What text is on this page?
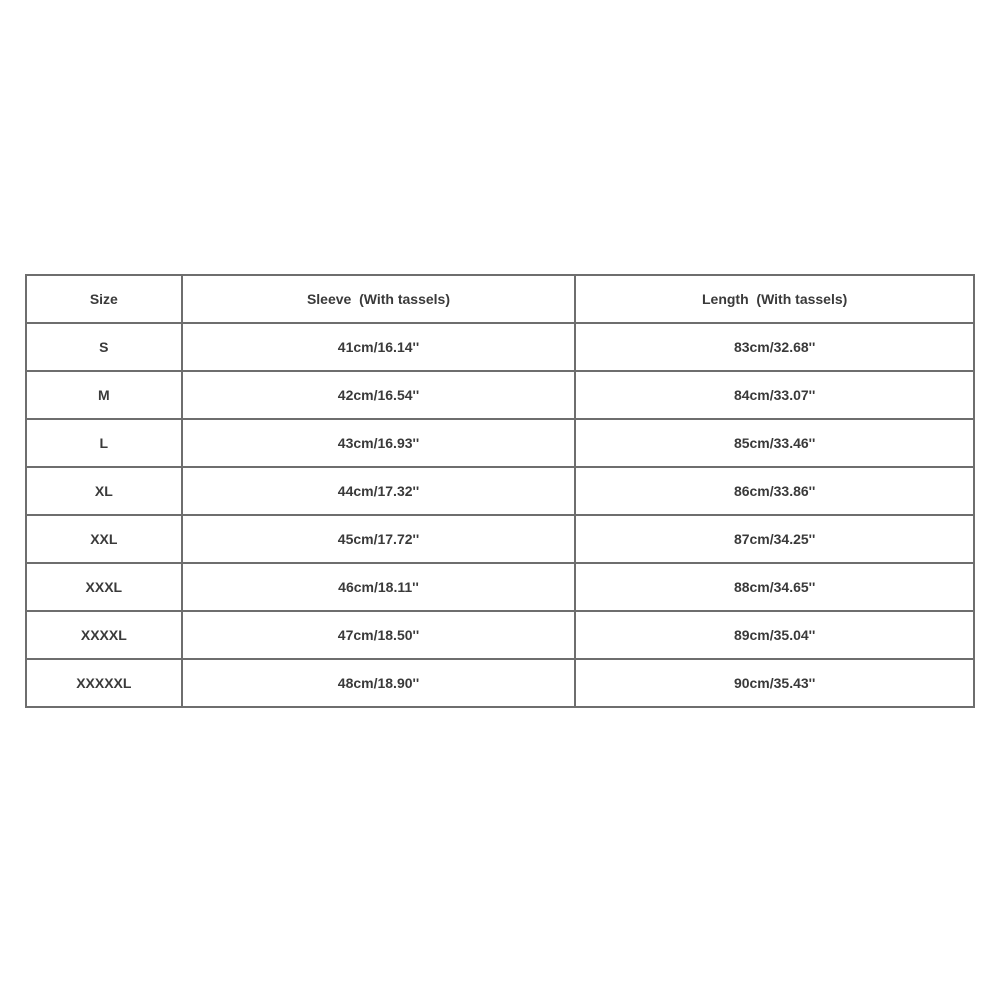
Size	Sleeve  (With tassels)	Length  (With tassels)
S	41cm/16.14''	83cm/32.68''
M	42cm/16.54''	84cm/33.07''
L	43cm/16.93''	85cm/33.46''
XL	44cm/17.32''	86cm/33.86''
XXL	45cm/17.72''	87cm/34.25''
XXXL	46cm/18.11''	88cm/34.65''
XXXXL	47cm/18.50''	89cm/35.04''
XXXXXL	48cm/18.90''	90cm/35.43''
